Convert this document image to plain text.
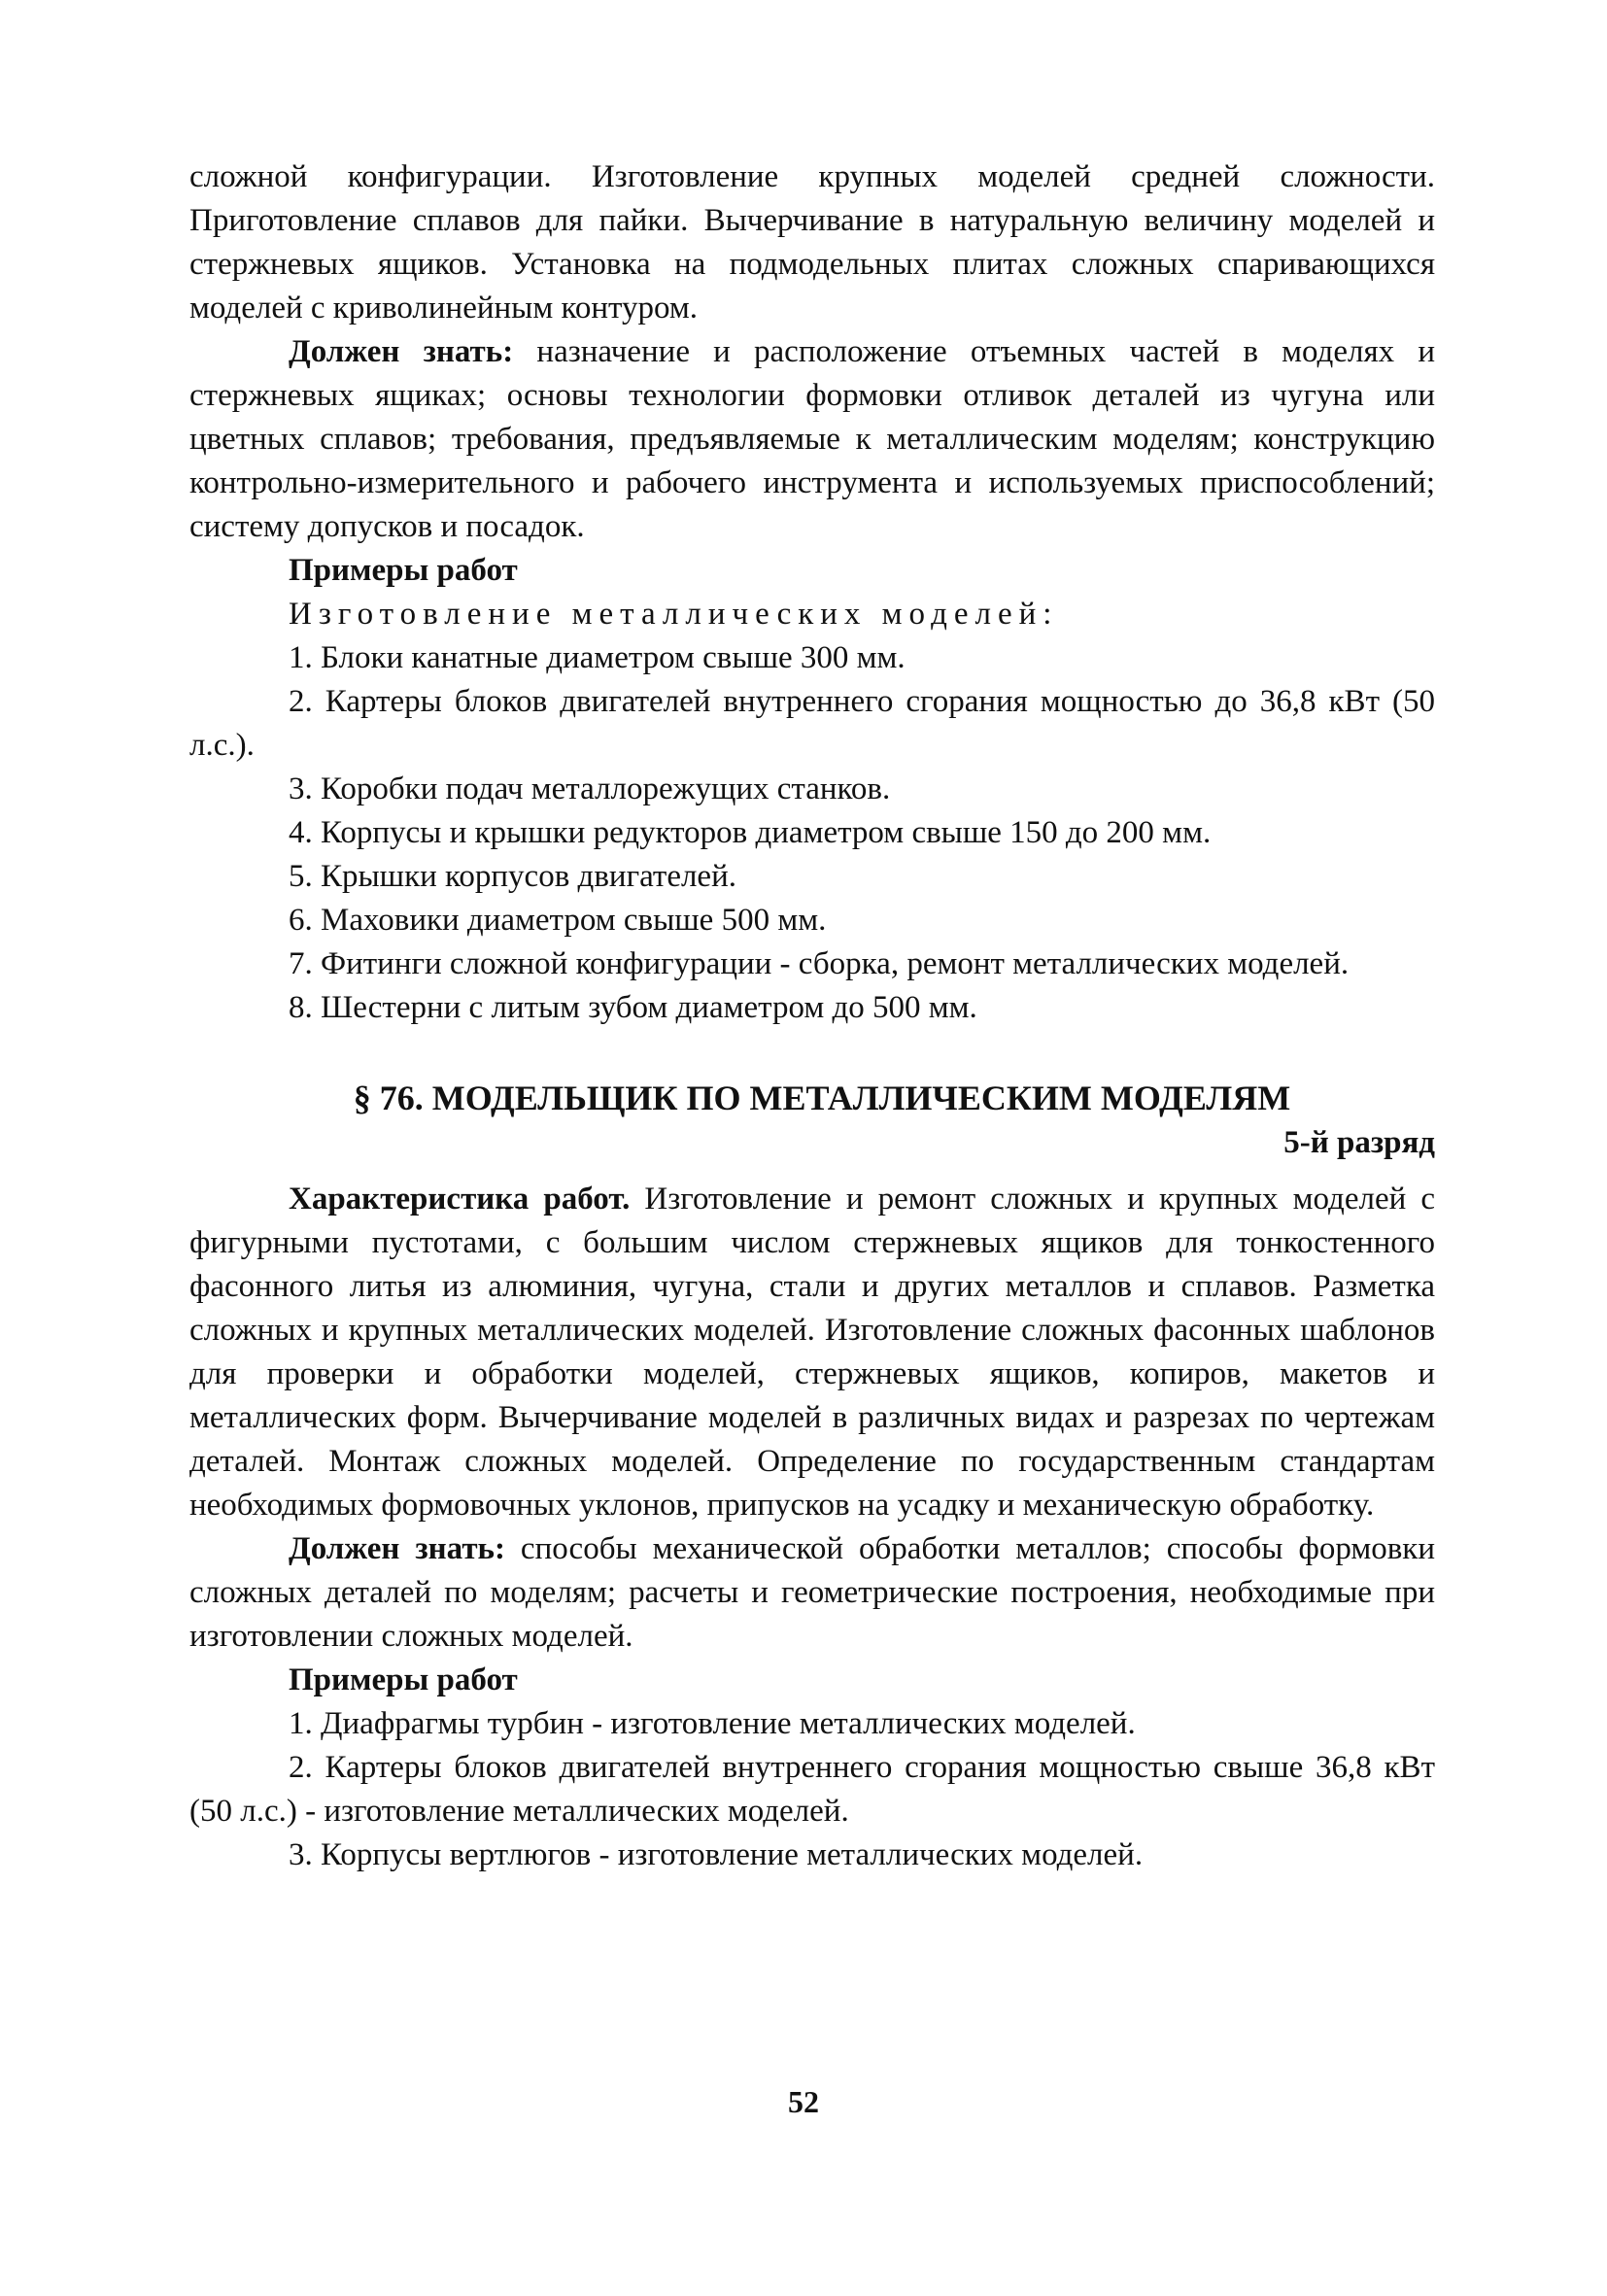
сложной конфигурации. Изготовление крупных моделей средней сложности. Приготовление сплавов для пайки. Вычерчивание в натуральную величину моделей и стержневых ящиков. Установка на подмодельных плитах сложных спаривающихся моделей с криволинейным контуром.

Должен знать: назначение и расположение отъемных частей в моделях и стержневых ящиках; основы технологии формовки отливок деталей из чугуна или цветных сплавов; требования, предъявляемые к металлическим моделям; конструкцию контрольно-измерительного и рабочего инструмента и используемых приспособлений; систему допусков и посадок.

Примеры работ

Изготовление металлических моделей:

1. Блоки канатные диаметром свыше 300 мм.

2. Картеры блоков двигателей внутреннего сгорания мощностью до 36,8 кВт (50 л.с.).

3. Коробки подач металлорежущих станков.

4. Корпусы и крышки редукторов диаметром свыше 150 до 200 мм.

5. Крышки корпусов двигателей.

6. Маховики диаметром свыше 500 мм.

7. Фитинги сложной конфигурации - сборка, ремонт металлических моделей.

8. Шестерни с литым зубом диаметром до 500 мм.

§ 76. МОДЕЛЬЩИК ПО МЕТАЛЛИЧЕСКИМ МОДЕЛЯМ
5-й разряд

Характеристика работ. Изготовление и ремонт сложных и крупных моделей с фигурными пустотами, с большим числом стержневых ящиков для тонкостенного фасонного литья из алюминия, чугуна, стали и других металлов и сплавов. Разметка сложных и крупных металлических моделей. Изготовление сложных фасонных шаблонов для проверки и обработки моделей, стержневых ящиков, копиров, макетов и металлических форм. Вычерчивание моделей в различных видах и разрезах по чертежам деталей. Монтаж сложных моделей. Определение по государственным стандартам необходимых формовочных уклонов, припусков на усадку и механическую обработку.

Должен знать: способы механической обработки металлов; способы формовки сложных деталей по моделям; расчеты и геометрические построения, необходимые при изготовлении сложных моделей.

Примеры работ

1. Диафрагмы турбин - изготовление металлических моделей.

2. Картеры блоков двигателей внутреннего сгорания мощностью свыше 36,8 кВт (50 л.с.) - изготовление металлических моделей.

3. Корпусы вертлюгов - изготовление металлических моделей.

52
